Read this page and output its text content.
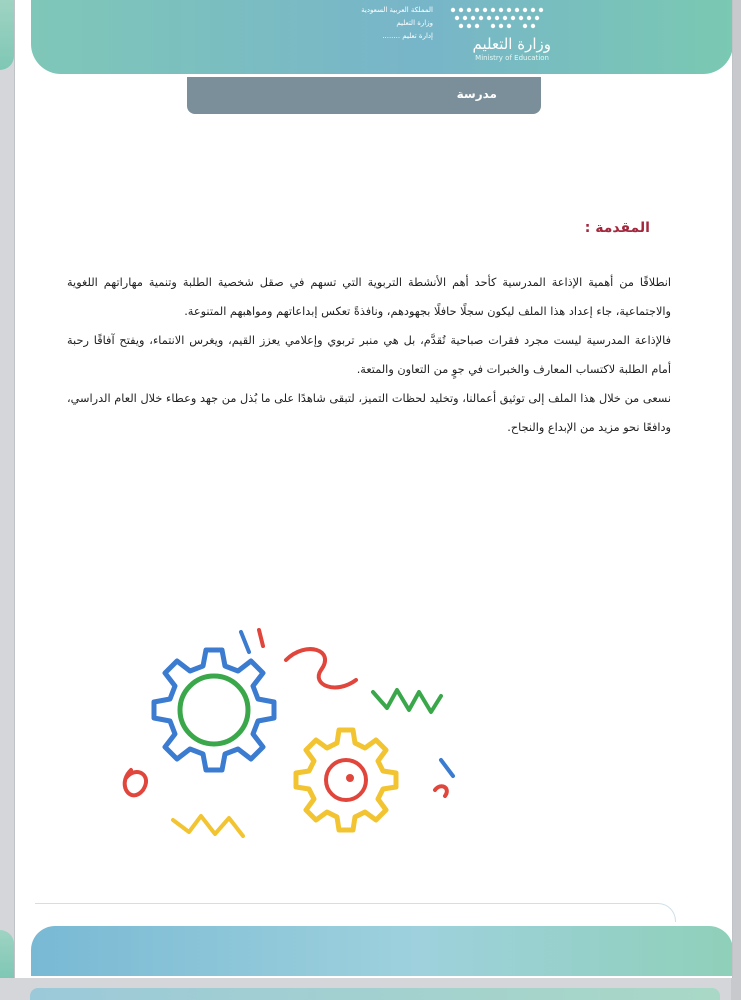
المملكة العربية السعودية
وزارة التعليم
إدارة تعليم ........	وزارة التعليم
Ministry of Education
مدرسة
المقدمة :

انطلاقًا من أهمية الإذاعة المدرسية كأحد أهم الأنشطة التربوية التي تسهم في صقل شخصية الطلبة وتنمية مهاراتهم اللغوية والاجتماعية، جاء إعداد هذا الملف ليكون سجلًا حافلًا بجهودهم، ونافذةً تعكس إبداعاتهم ومواهبهم المتنوعة.

فالإذاعة المدرسية ليست مجرد فقرات صباحية تُقدَّم، بل هي منبر تربوي وإعلامي يعزز القيم، ويغرس الانتماء، ويفتح آفاقًا رحبة أمام الطلبة لاكتساب المعارف والخبرات في جوٍ من التعاون والمتعة.

نسعى من خلال هذا الملف إلى توثيق أعمالنا، وتخليد لحظات التميز، لتبقى شاهدًا على ما بُذل من جهد وعطاء خلال العام الدراسي، ودافعًا نحو مزيد من الإبداع والنجاح.
